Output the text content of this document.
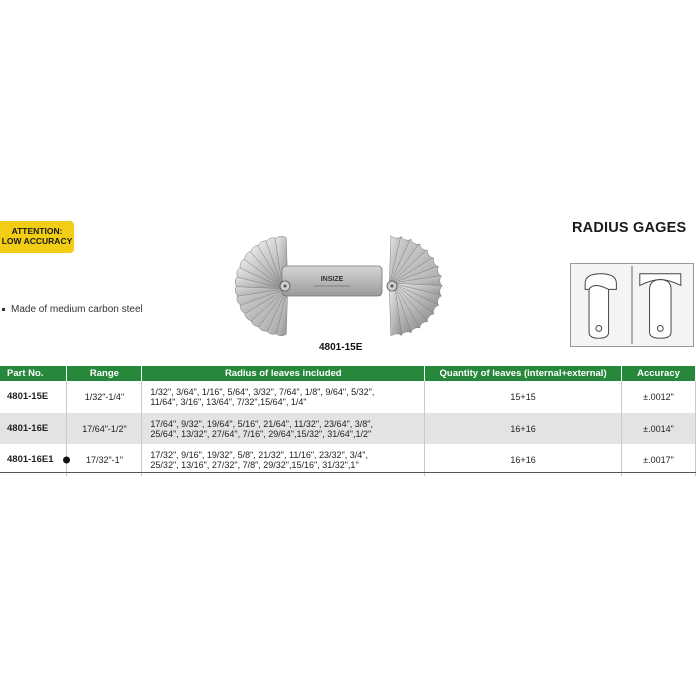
ATTENTION:
LOW ACCURACY
RADIUS GAGES
Made of medium carbon steel
INSIZE
4801-15E
Part No.	Range	Radius of leaves included	Quantity of leaves (internal+external)	Accuracy
4801-15E	1/32"-1/4"	1/32", 3/64", 1/16", 5/64", 3/32", 7/64", 1/8", 9/64", 5/32",
11/64", 3/16", 13/64", 7/32",15/64", 1/4"	15+15	±.0012"
4801-16E	17/64"-1/2"	17/64", 9/32", 19/64", 5/16", 21/64", 11/32", 23/64", 3/8",
25/64", 13/32", 27/64", 7/16", 29/64",15/32", 31/64",1/2"	16+16	±.0014"
4801-16E1	17/32"-1"	17/32", 9/16", 19/32", 5/8", 21/32", 11/16", 23/32", 3/4",
25/32", 13/16", 27/32", 7/8", 29/32",15/16", 31/32",1"	16+16	±.0017"
